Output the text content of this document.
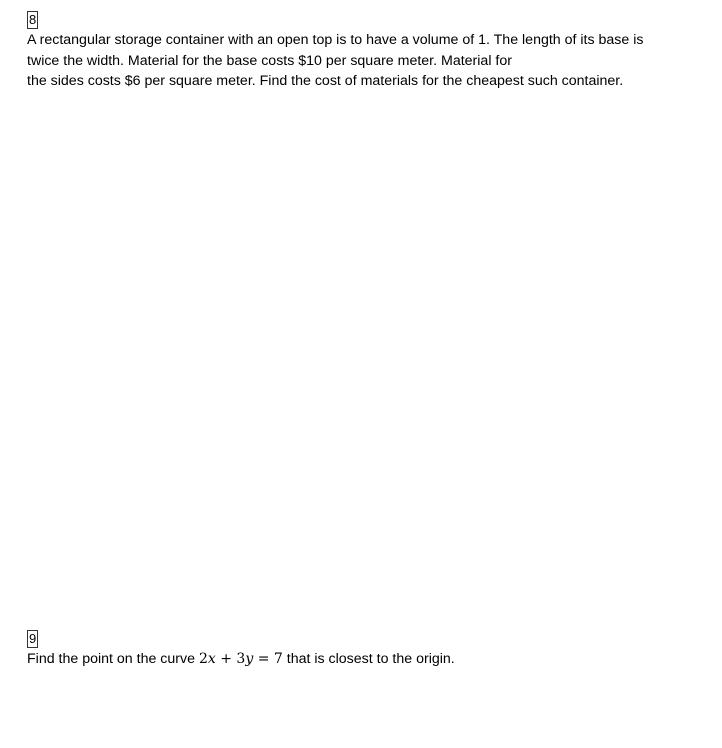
8

A rectangular storage container with an open top is to have a volume of 1. The length of its base is
twice the width. Material for the base costs $10 per square meter. Material for
the sides costs $6 per square meter. Find the cost of materials for the cheapest such container.

9

Find the point on the curve 2x + 3y = 7 that is closest to the origin.
